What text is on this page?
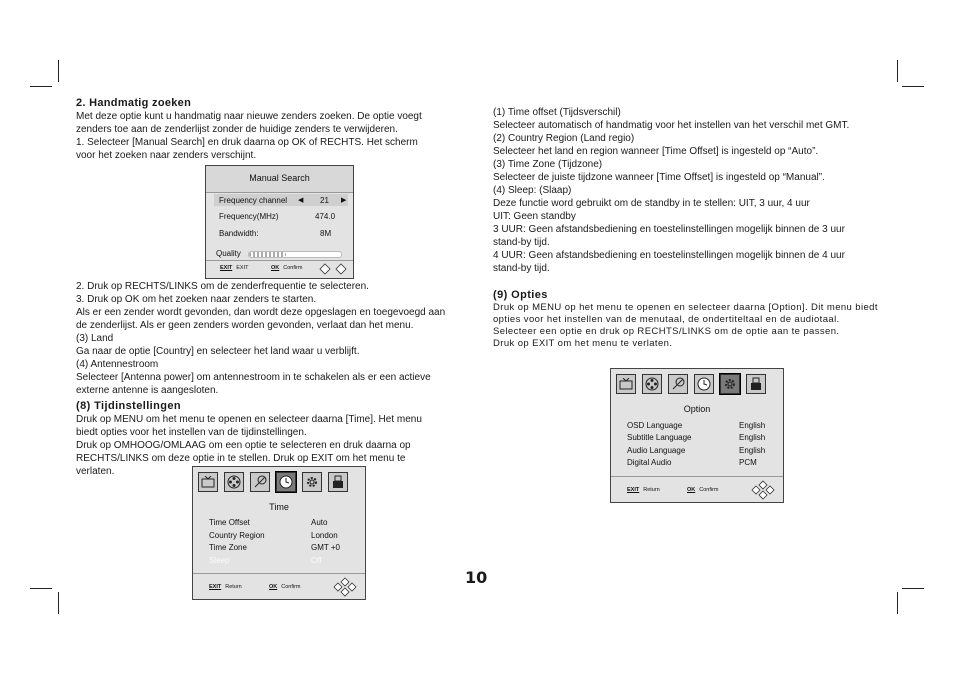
2. Handmatig zoeken

Met deze optie kunt u handmatig naar nieuwe zenders zoeken. De optie voegt

zenders toe aan de zenderlijst zonder de huidige zenders te verwijderen.

1. Selecteer [Manual Search] en druk daarna op OK of RECHTS. Het scherm

voor het zoeken naar zenders verschijnt.

Manual Search
Frequency channel ◀ 21 ▶
Frequency(MHz)	474.0
Bandwidth:	8M
Quality
EXIT EXIT	OK Confirm

2. Druk op RECHTS/LINKS om de zenderfrequentie te selecteren.

3. Druk op OK om het zoeken naar zenders te starten.

Als er een zender wordt gevonden, dan wordt deze opgeslagen en toegevoegd aan

de zenderlijst. Als er geen zenders worden gevonden, verlaat dan het menu.

(3) Land

Ga naar de optie [Country] en selecteer het land waar u verblijft.

(4) Antennestroom

Selecteer [Antenna power] om antennestroom in te schakelen als er een actieve

externe antenne is aangesloten.

(8) Tijdinstellingen

Druk op MENU om het menu te openen en selecteer daarna [Time]. Het menu

biedt opties voor het instellen van de tijdinstellingen.

Druk op OMHOOG/OMLAAG om een optie te selecteren en druk daarna op

RECHTS/LINKS om deze optie in te stellen. Druk op EXIT om het menu te

verlaten.

Time
Time Offset	Auto
Country Region	London
Time Zone	GMT +0
Sleep	Off
EXIT Return	OK Confirm

(1) Time offset (Tijdsverschil)

Selecteer automatisch of handmatig voor het instellen van het verschil met GMT.

(2) Country Region (Land regio)

Selecteer het land en region wanneer [Time Offset] is ingesteld op “Auto”.

(3) Time Zone (Tijdzone)

Selecteer de juiste tijdzone wanneer [Time Offset] is ingesteld op “Manual”.

(4) Sleep: (Slaap)

Deze functie word gebruikt om de standby in te stellen: UIT, 3 uur, 4 uur

UIT: Geen standby

3 UUR: Geen afstandsbediening en toestelinstellingen mogelijk binnen de 3 uur

stand-by tijd.

4 UUR: Geen afstandsbediening en toestelinstellingen mogelijk binnen de 4 uur

stand-by tijd.

(9) Opties

Druk op MENU op het menu te openen en selecteer daarna [Option]. Dit menu biedt

opties voor het instellen van de menutaal, de ondertiteltaal en de audiotaal.

Selecteer een optie en druk op RECHTS/LINKS om de optie aan te passen.

Druk op EXIT om het menu te verlaten.

Option
OSD Language	English
Subtitle Language	English
Audio Language	English
Digital Audio	PCM
EXIT Return	OK Confirm
10
